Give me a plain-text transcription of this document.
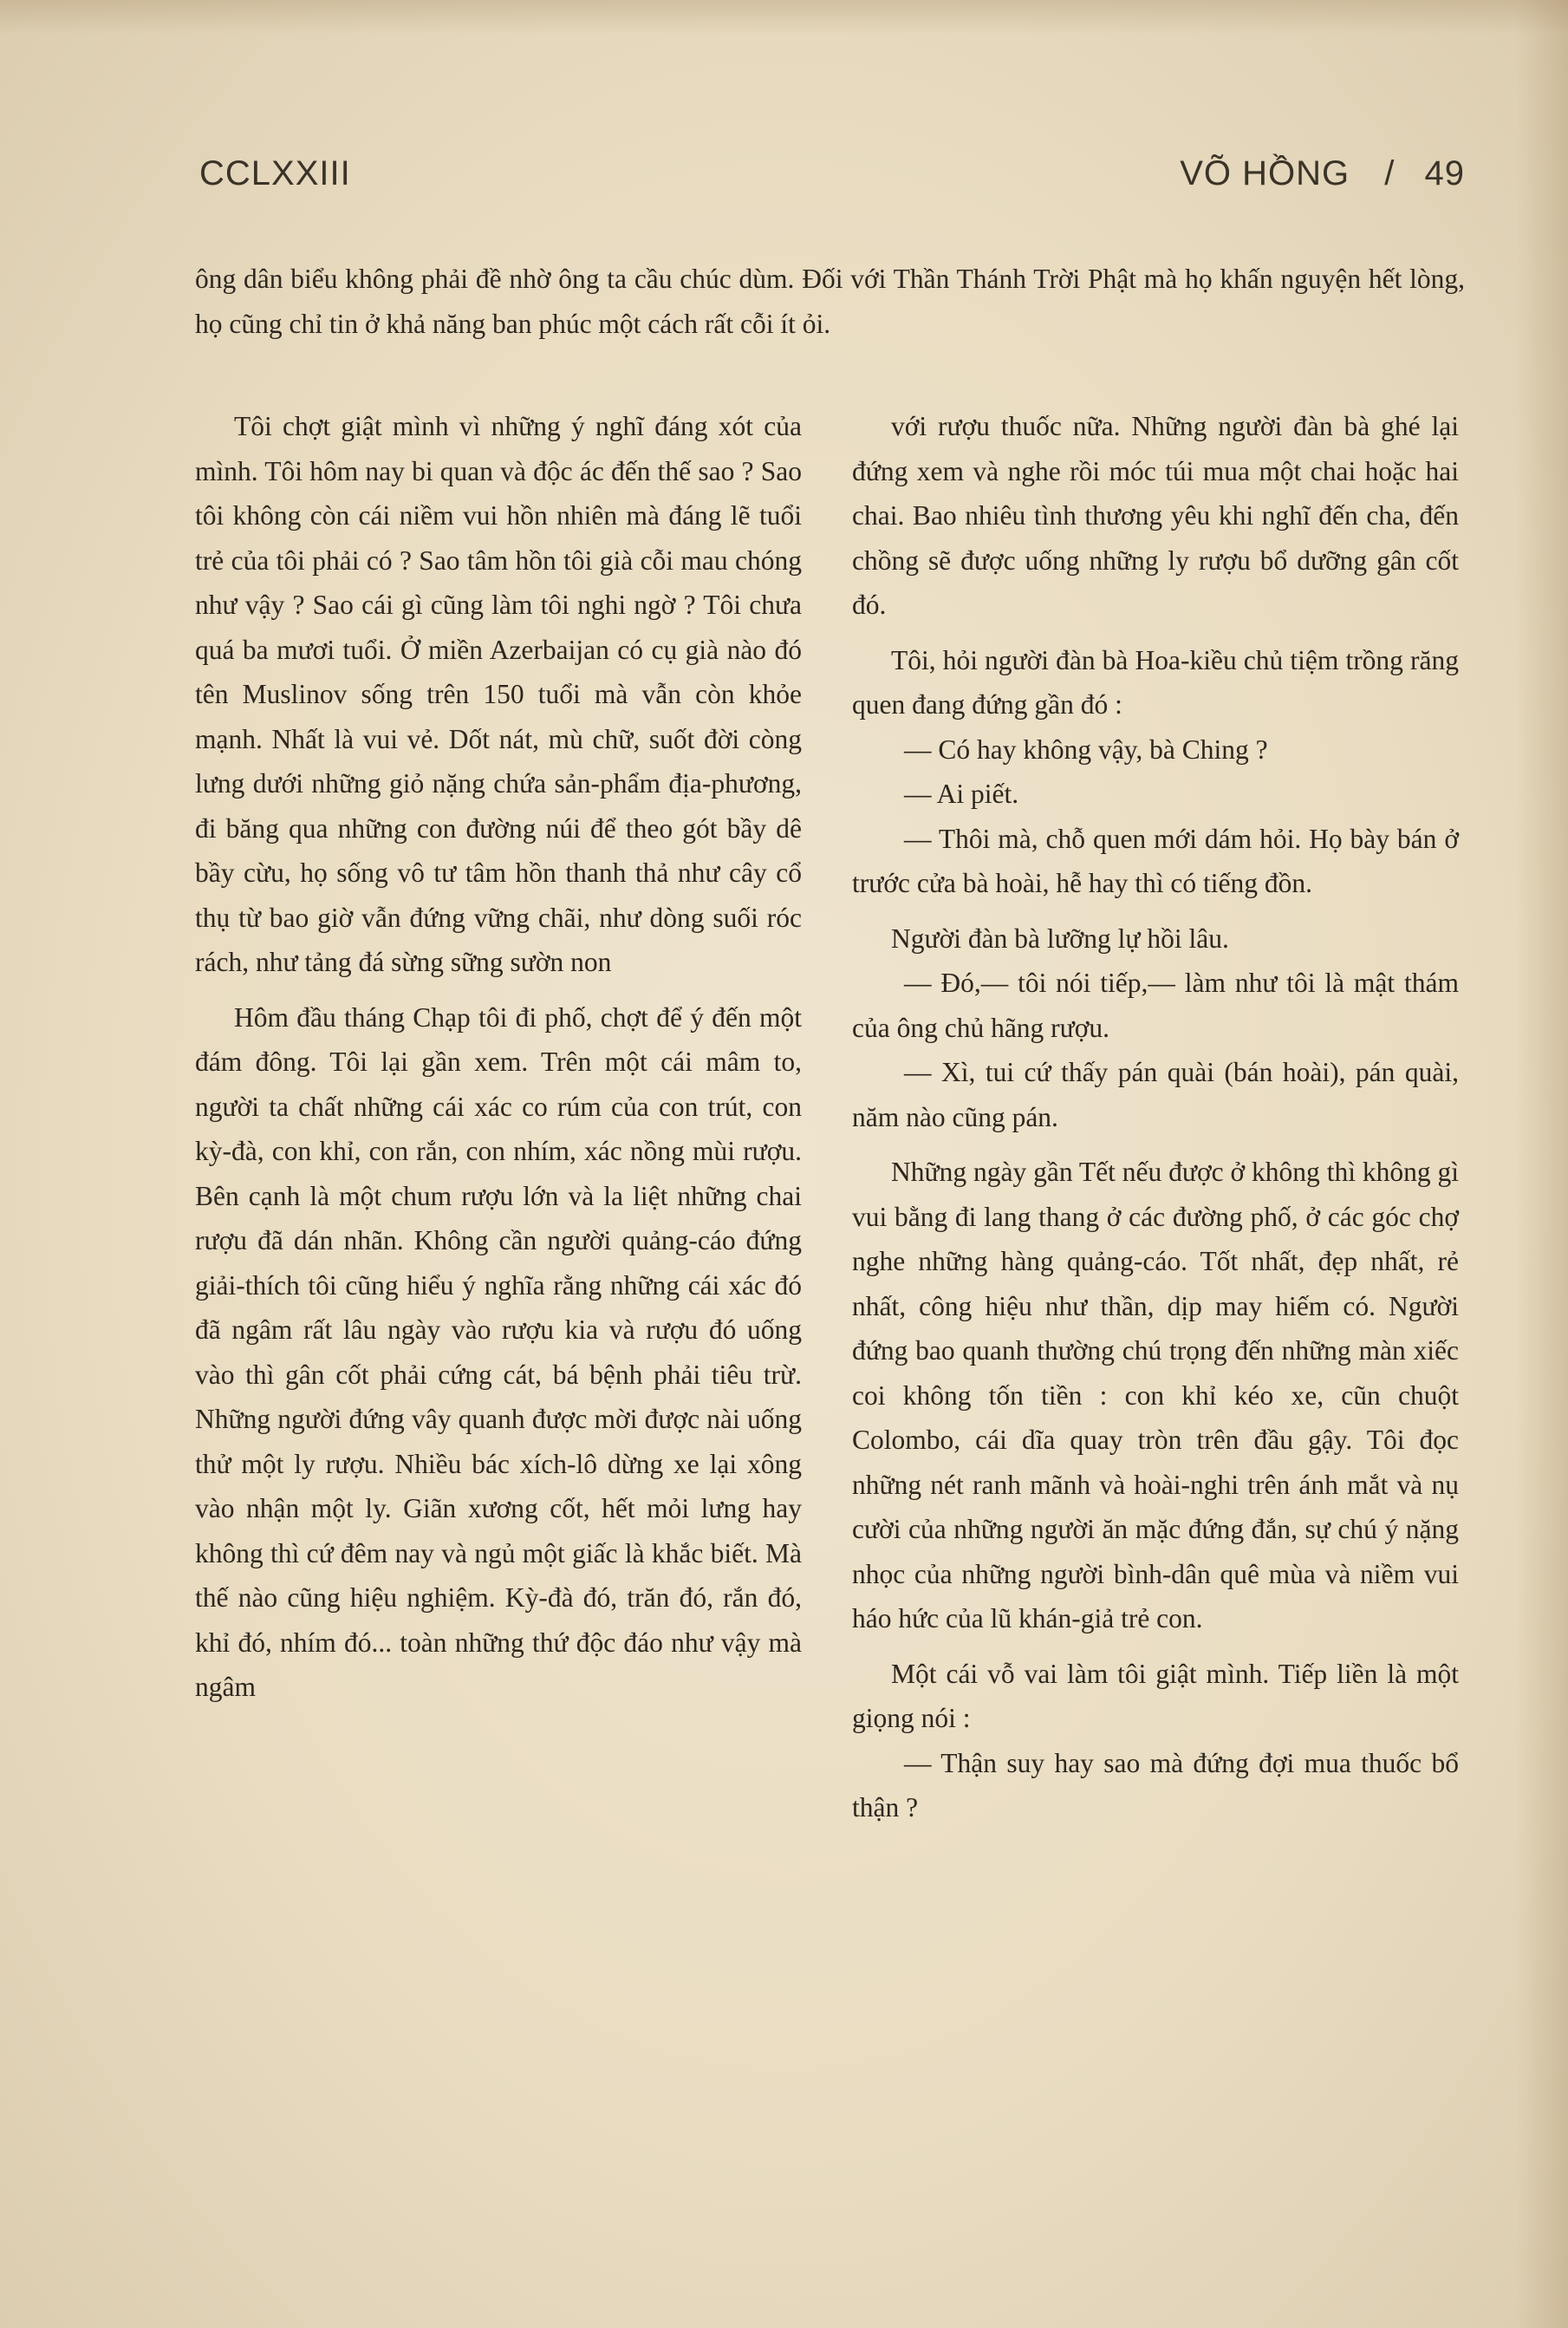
CCLXXIII	VÕ HỒNG / 49

ông dân biểu không phải đề nhờ ông ta cầu chúc dùm. Đối với Thần Thánh Trời Phật mà họ khấn nguyện hết lòng, họ cũng chỉ tin ở khả năng ban phúc một cách rất cỗi ít ỏi.

Tôi chợt giật mình vì những ý nghĩ đáng xót của mình. Tôi hôm nay bi quan và độc ác đến thế sao ? Sao tôi không còn cái niềm vui hồn nhiên mà đáng lẽ tuổi trẻ của tôi phải có ? Sao tâm hồn tôi già cỗi mau chóng như vậy ? Sao cái gì cũng làm tôi nghi ngờ ? Tôi chưa quá ba mươi tuổi. Ở miền Azerbaijan có cụ già nào đó tên Muslinov sống trên 150 tuổi mà vẫn còn khỏe mạnh. Nhất là vui vẻ. Dốt nát, mù chữ, suốt đời còng lưng dưới những giỏ nặng chứa sản-phẩm địa-phương, đi băng qua những con đường núi để theo gót bầy dê bầy cừu, họ sống vô tư tâm hồn thanh thả như cây cổ thụ từ bao giờ vẫn đứng vững chãi, như dòng suối róc rách, như tảng đá sừng sững sườn non

Hôm đầu tháng Chạp tôi đi phố, chợt để ý đến một đám đông. Tôi lại gần xem. Trên một cái mâm to, người ta chất những cái xác co rúm của con trút, con kỳ-đà, con khỉ, con rắn, con nhím, xác nồng mùi rượu. Bên cạnh là một chum rượu lớn và la liệt những chai rượu đã dán nhãn. Không cần người quảng-cáo đứng giải-thích tôi cũng hiểu ý nghĩa rằng những cái xác đó đã ngâm rất lâu ngày vào rượu kia và rượu đó uống vào thì gân cốt phải cứng cát, bá bệnh phải tiêu trừ. Những người đứng vây quanh được mời được nài uống thử một ly rượu. Nhiều bác xích-lô dừng xe lại xông vào nhận một ly. Giãn xương cốt, hết mỏi lưng hay không thì cứ đêm nay và ngủ một giấc là khắc biết. Mà thế nào cũng hiệu nghiệm. Kỳ-đà đó, trăn đó, rắn đó, khỉ đó, nhím đó... toàn những thứ độc đáo như vậy mà ngâm

với rượu thuốc nữa. Những người đàn bà ghé lại đứng xem và nghe rồi móc túi mua một chai hoặc hai chai. Bao nhiêu tình thương yêu khi nghĩ đến cha, đến chồng sẽ được uống những ly rượu bổ dưỡng gân cốt đó.

Tôi, hỏi người đàn bà Hoa-kiều chủ tiệm trồng răng quen đang đứng gần đó :

— Có hay không vậy, bà Ching ?

— Ai piết.

— Thôi mà, chỗ quen mới dám hỏi. Họ bày bán ở trước cửa bà hoài, hễ hay thì có tiếng đồn.

Người đàn bà lưỡng lự hồi lâu.

— Đó,— tôi nói tiếp,— làm như tôi là mật thám của ông chủ hãng rượu.

— Xì, tui cứ thấy pán quài (bán hoài), pán quài, năm nào cũng pán.

Những ngày gần Tết nếu được ở không thì không gì vui bằng đi lang thang ở các đường phố, ở các góc chợ nghe những hàng quảng-cáo. Tốt nhất, đẹp nhất, rẻ nhất, công hiệu như thần, dịp may hiếm có. Người đứng bao quanh thường chú trọng đến những màn xiếc coi không tốn tiền : con khỉ kéo xe, cũn chuột Colombo, cái dĩa quay tròn trên đầu gậy. Tôi đọc những nét ranh mãnh và hoài-nghi trên ánh mắt và nụ cười của những người ăn mặc đứng đắn, sự chú ý nặng nhọc của những người bình-dân quê mùa và niềm vui háo hức của lũ khán-giả trẻ con.

Một cái vỗ vai làm tôi giật mình. Tiếp liền là một giọng nói :

— Thận suy hay sao mà đứng đợi mua thuốc bổ thận ?
